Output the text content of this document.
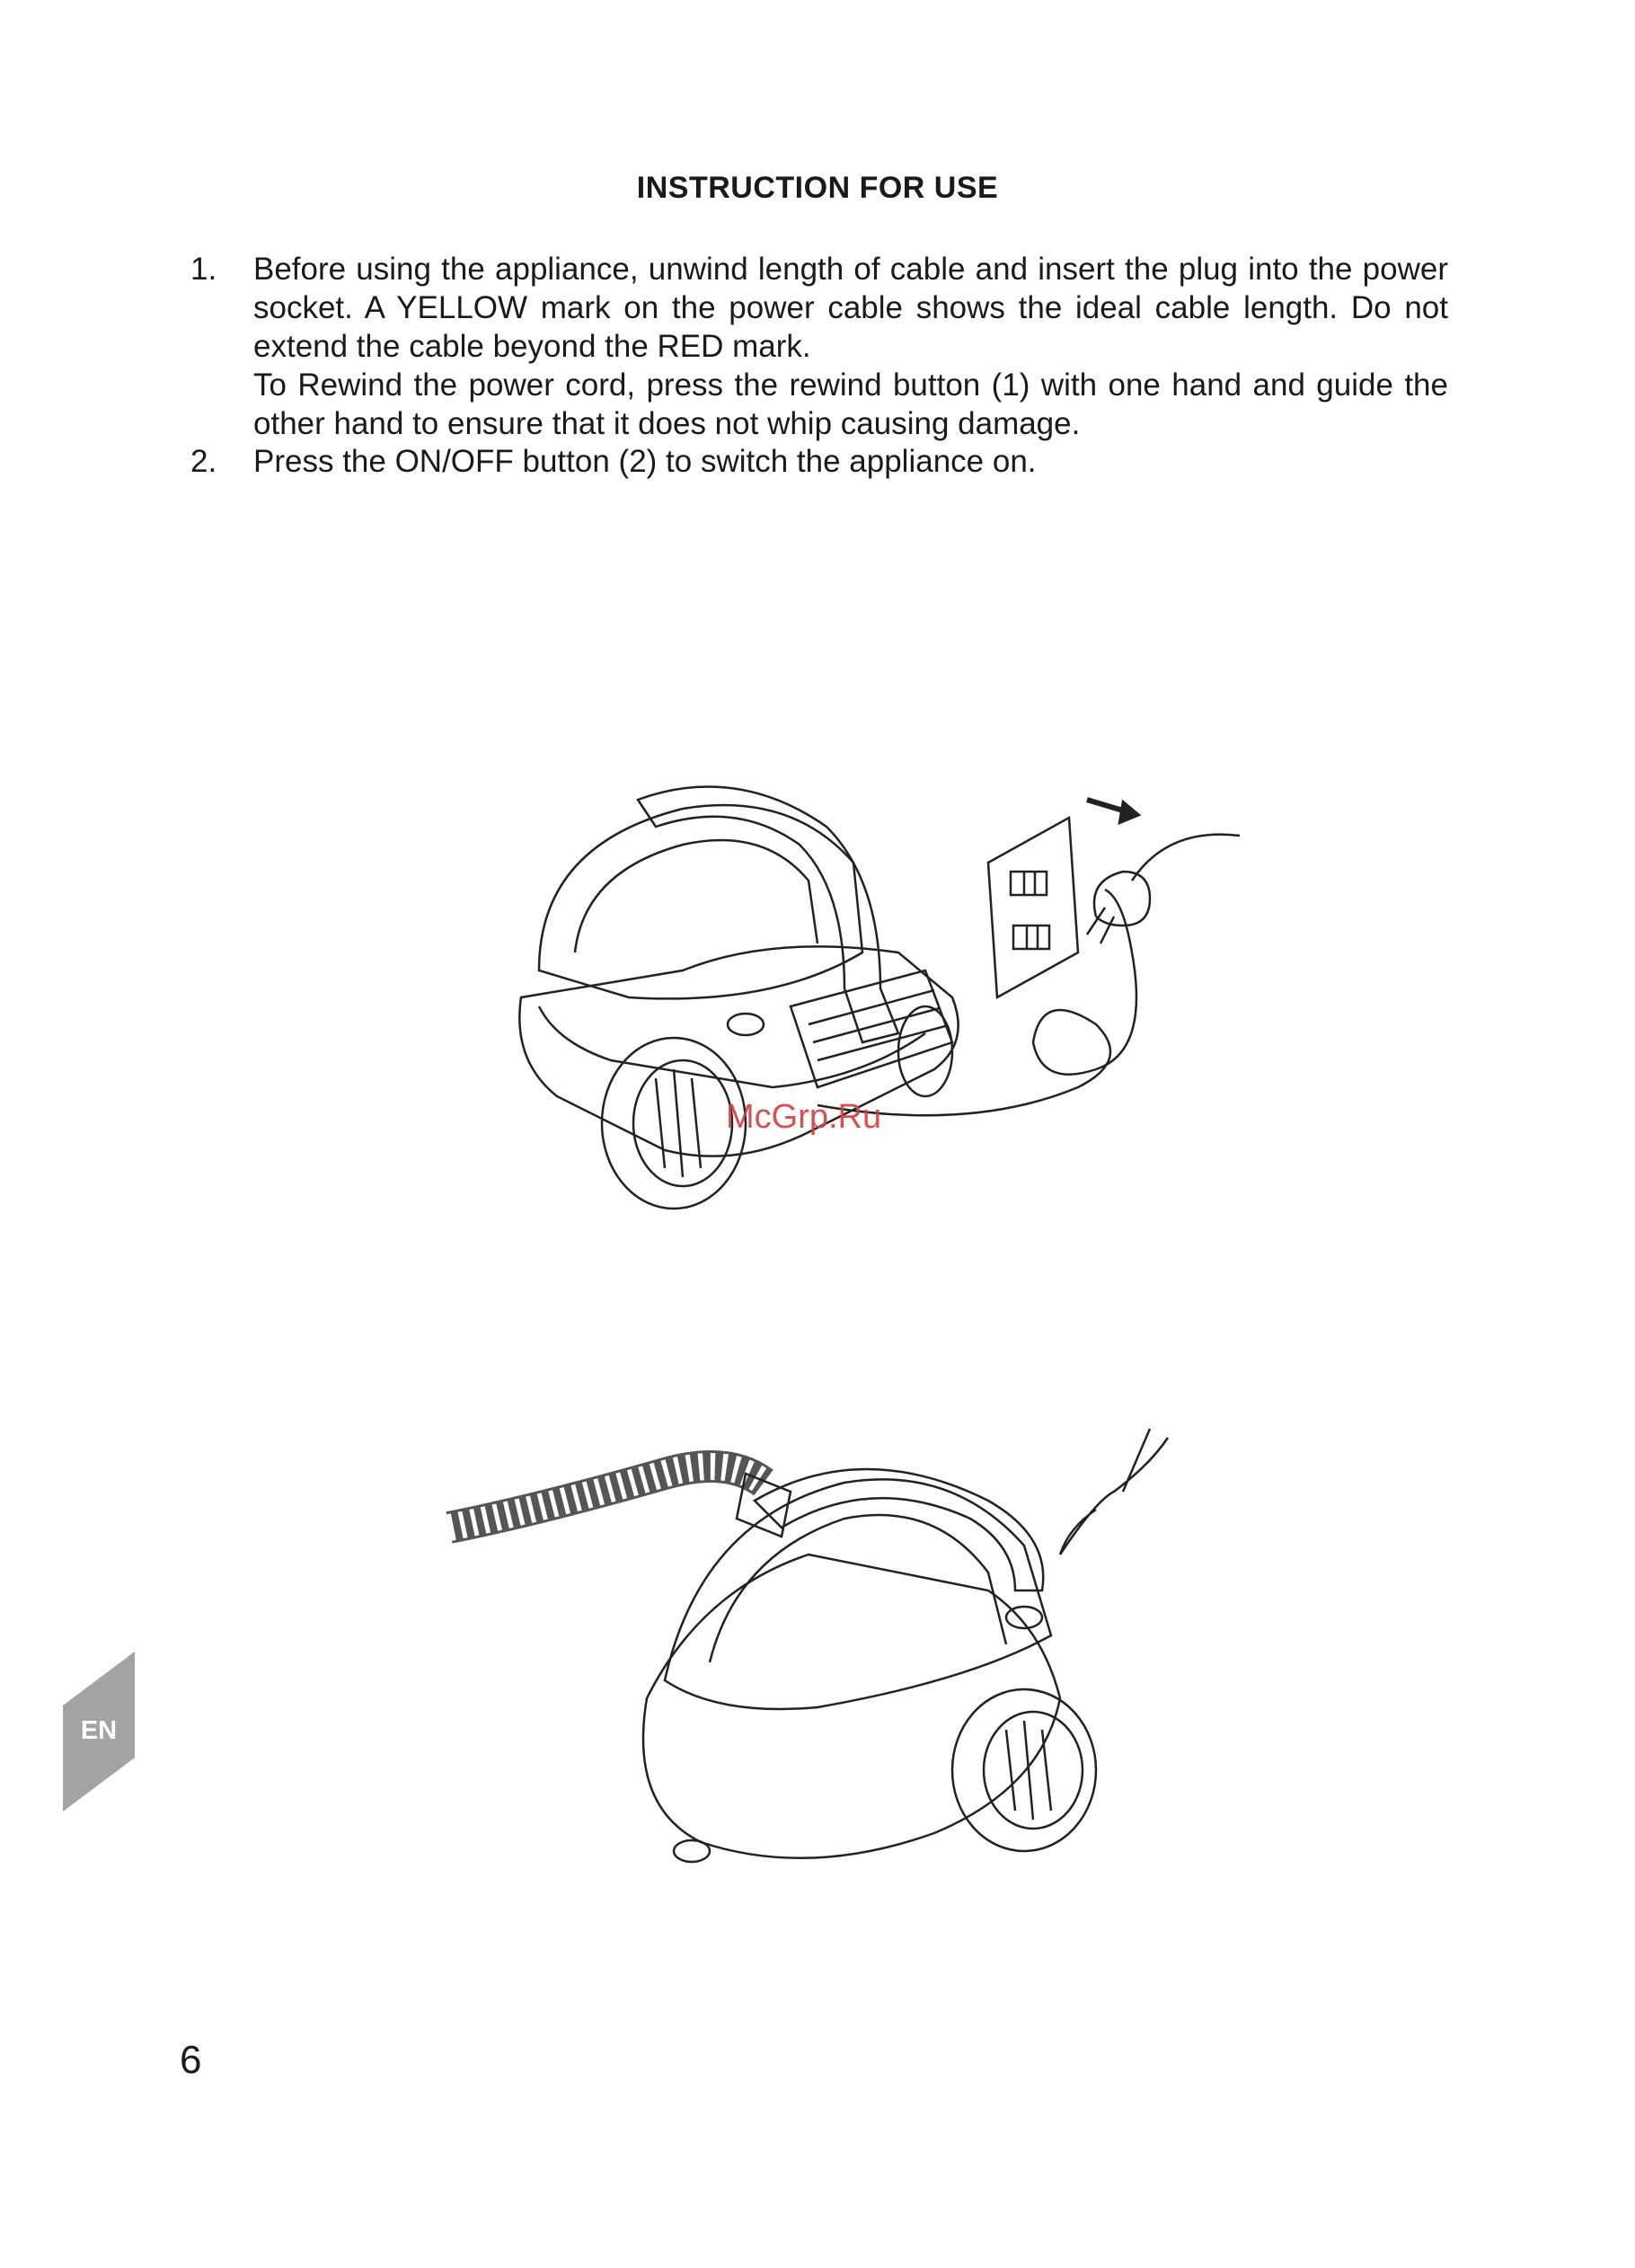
INSTRUCTION FOR USE
1. Before using the appliance, unwind length of cable and insert the plug into the power socket. A YELLOW mark on the power cable shows the ideal cable length. Do not extend the cable beyond the RED mark.
To Rewind the power cord, press the rewind button (1) with one hand and guide the other hand to ensure that it does not whip causing damage.
2. Press the ON/OFF button (2) to switch the appliance on.
McGrp.Ru
EN
6
